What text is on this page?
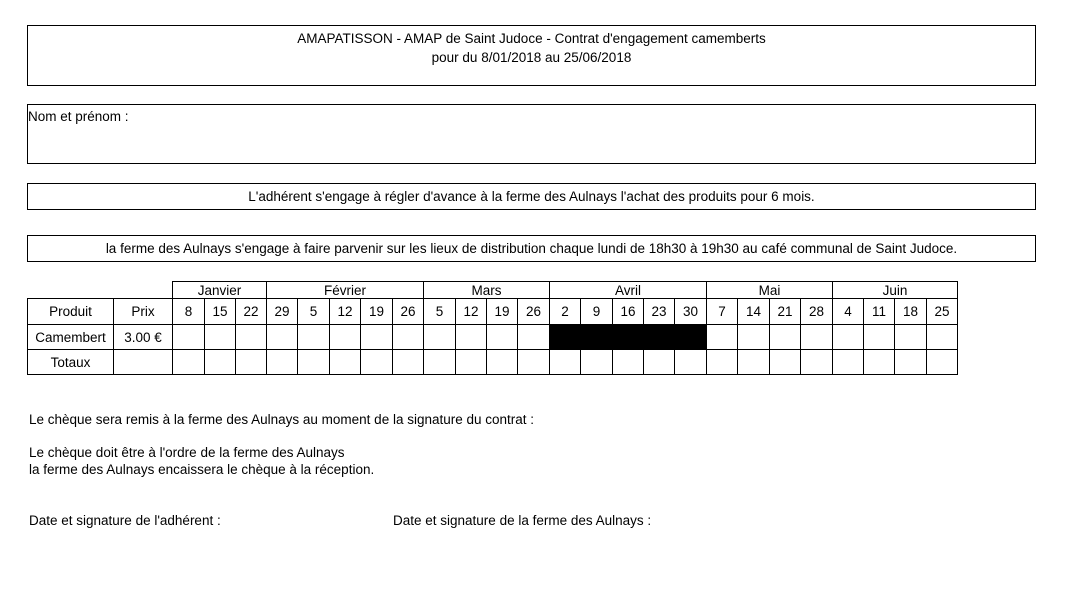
AMAPATISSON - AMAP de Saint Judoce - Contrat d'engagement camemberts
pour du 8/01/2018 au 25/06/2018
Nom et prénom :
L'adhérent s'engage à régler d'avance à la ferme des Aulnays l'achat des produits pour 6 mois.
la ferme des Aulnays s'engage à faire parvenir sur les lieux de distribution chaque lundi de 18h30 à 19h30 au café communal de Saint Judoce.
		Janvier			Février					Mars				Avril					Mai				Juin			
Produit	Prix	8	15	22	29	5	12	19	26	5	12	19	26	2	9	16	23	30	7	14	21	28	4	11	18	25
Camembert	3.00 €																									
Totaux																										
Le chèque sera remis à la ferme des Aulnays au moment de la signature du contrat :
Le chèque doit être à l'ordre de la ferme des Aulnays
la ferme des Aulnays encaissera le chèque à la réception.
Date et signature de l'adhérent :	Date et signature de la ferme des Aulnays :
